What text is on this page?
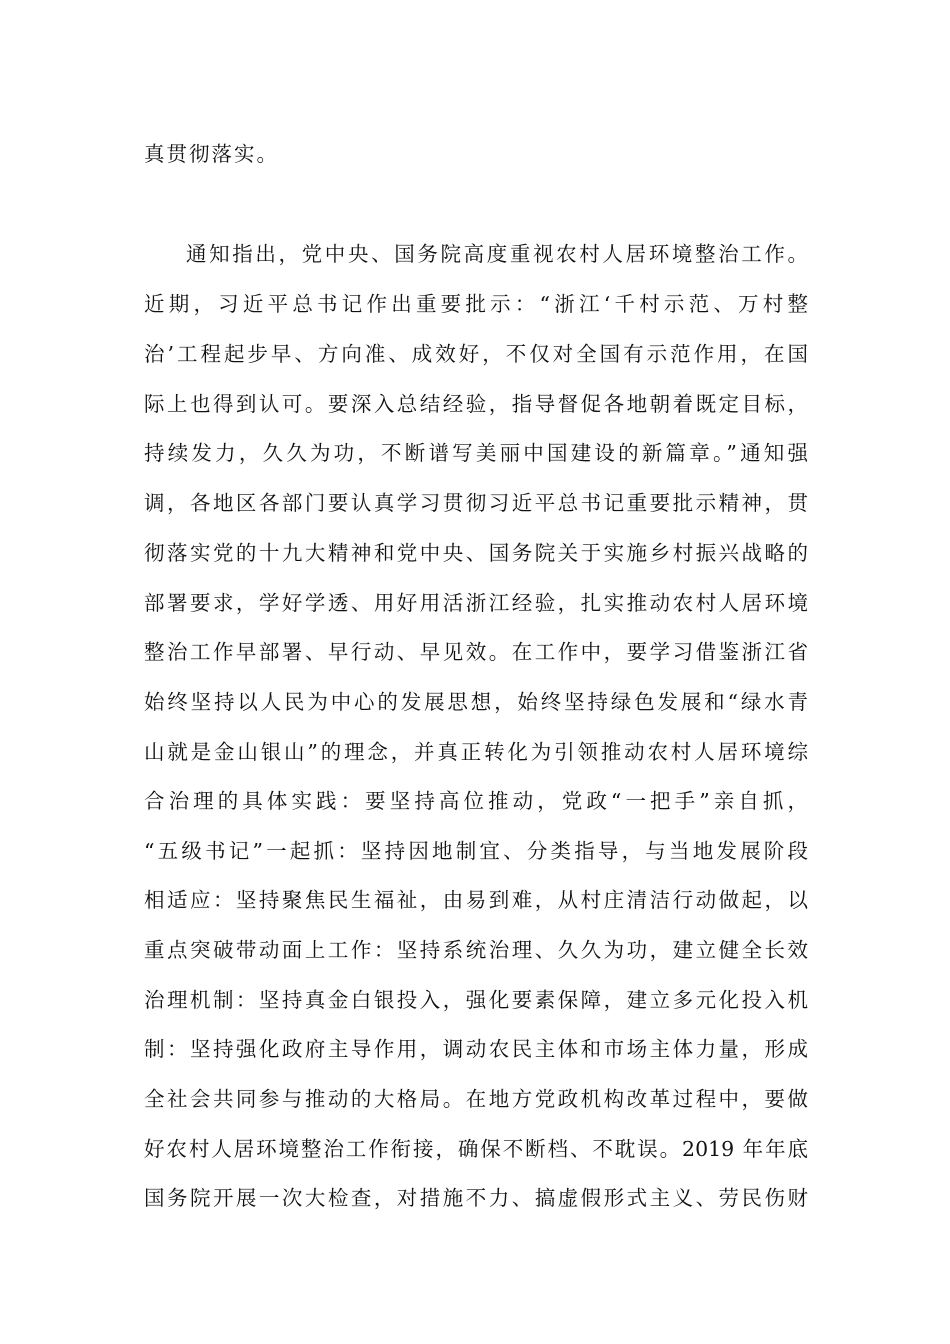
真贯彻落实。
通知指出，党中央、国务院高度重视农村人居环境整治工作。
近期，习近平总书记作出重要批示：“浙江‘千村示范、万村整
治’工程起步早、方向准、成效好，不仅对全国有示范作用，在国
际上也得到认可。要深入总结经验，指导督促各地朝着既定目标，
持续发力，久久为功，不断谱写美丽中国建设的新篇章。”通知强
调，各地区各部门要认真学习贯彻习近平总书记重要批示精神，贯
彻落实党的十九大精神和党中央、国务院关于实施乡村振兴战略的
部署要求，学好学透、用好用活浙江经验，扎实推动农村人居环境
整治工作早部署、早行动、早见效。在工作中，要学习借鉴浙江省
始终坚持以人民为中心的发展思想，始终坚持绿色发展和“绿水青
山就是金山银山”的理念，并真正转化为引领推动农村人居环境综
合治理的具体实践：要坚持高位推动，党政“一把手”亲自抓，
“五级书记”一起抓：坚持因地制宜、分类指导，与当地发展阶段
相适应：坚持聚焦民生福祉，由易到难，从村庄清洁行动做起，以
重点突破带动面上工作：坚持系统治理、久久为功，建立健全长效
治理机制：坚持真金白银投入，强化要素保障，建立多元化投入机
制：坚持强化政府主导作用，调动农民主体和市场主体力量，形成
全社会共同参与推动的大格局。在地方党政机构改革过程中，要做
好农村人居环境整治工作衔接，确保不断档、不耽误。2019 年年底
国务院开展一次大检查，对措施不力、搞虚假形式主义、劳民伤财
